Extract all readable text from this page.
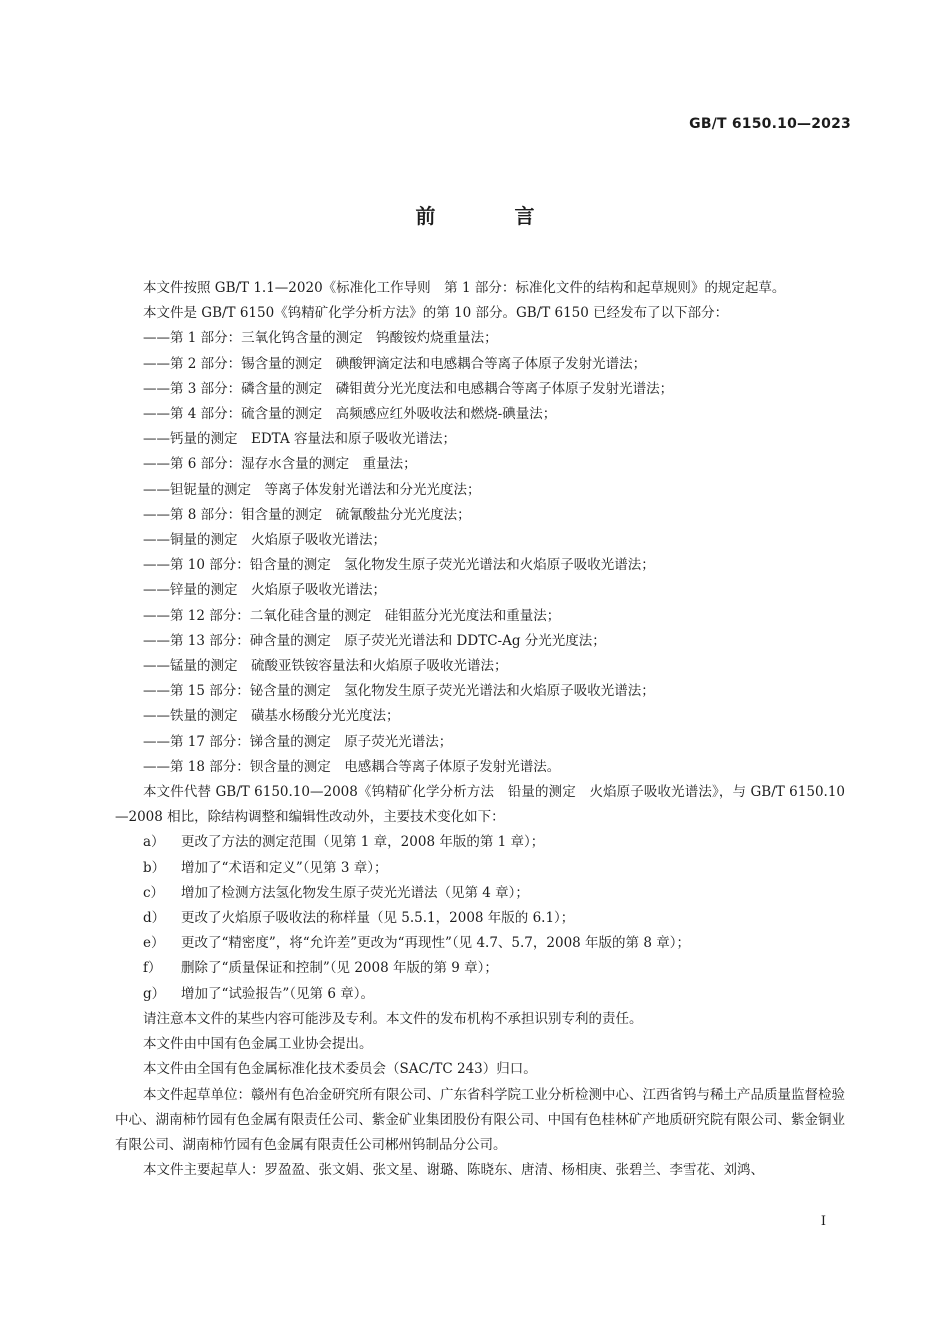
GB/T 6150.10—2023
前 言

本文件按照 GB/T 1.1—2020《标准化工作导则　第 1 部分：标准化文件的结构和起草规则》的规定起草。

本文件是 GB/T 6150《钨精矿化学分析方法》的第 10 部分。GB/T 6150 已经发布了以下部分：

——第 1 部分：三氧化钨含量的测定　钨酸铵灼烧重量法；

——第 2 部分：锡含量的测定　碘酸钾滴定法和电感耦合等离子体原子发射光谱法；

——第 3 部分：磷含量的测定　磷钼黄分光光度法和电感耦合等离子体原子发射光谱法；

——第 4 部分：硫含量的测定　高频感应红外吸收法和燃烧-碘量法；

——钙量的测定　EDTA 容量法和原子吸收光谱法；

——第 6 部分：湿存水含量的测定　重量法；

——钽铌量的测定　等离子体发射光谱法和分光光度法；

——第 8 部分：钼含量的测定　硫氰酸盐分光光度法；

——铜量的测定　火焰原子吸收光谱法；

——第 10 部分：铅含量的测定　氢化物发生原子荧光光谱法和火焰原子吸收光谱法；

——锌量的测定　火焰原子吸收光谱法；

——第 12 部分：二氧化硅含量的测定　硅钼蓝分光光度法和重量法；

——第 13 部分：砷含量的测定　原子荧光光谱法和 DDTC-Ag 分光光度法；

——锰量的测定　硫酸亚铁铵容量法和火焰原子吸收光谱法；

——第 15 部分：铋含量的测定　氢化物发生原子荧光光谱法和火焰原子吸收光谱法；

——铁量的测定　磺基水杨酸分光光度法；

——第 17 部分：锑含量的测定　原子荧光光谱法；

——第 18 部分：钡含量的测定　电感耦合等离子体原子发射光谱法。

本文件代替 GB/T 6150.10—2008《钨精矿化学分析方法　铅量的测定　火焰原子吸收光谱法》，与 GB/T 6150.10—2008 相比，除结构调整和编辑性改动外，主要技术变化如下：

a） 更改了方法的测定范围（见第 1 章，2008 年版的第 1 章）；

b） 增加了“术语和定义”（见第 3 章）；

c） 增加了检测方法氢化物发生原子荧光光谱法（见第 4 章）；

d） 更改了火焰原子吸收法的称样量（见 5.5.1，2008 年版的 6.1）；

e） 更改了“精密度”，将“允许差”更改为“再现性”（见 4.7、5.7，2008 年版的第 8 章）；

f） 删除了“质量保证和控制”（见 2008 年版的第 9 章）；

g） 增加了“试验报告”（见第 6 章）。

请注意本文件的某些内容可能涉及专利。本文件的发布机构不承担识别专利的责任。

本文件由中国有色金属工业协会提出。

本文件由全国有色金属标准化技术委员会（SAC/TC 243）归口。

本文件起草单位：赣州有色冶金研究所有限公司、广东省科学院工业分析检测中心、江西省钨与稀土产品质量监督检验中心、湖南柿竹园有色金属有限责任公司、紫金矿业集团股份有限公司、中国有色桂林矿产地质研究院有限公司、紫金铜业有限公司、湖南柿竹园有色金属有限责任公司郴州钨制品分公司。

本文件主要起草人：罗盈盈、张文娟、张文星、谢璐、陈晓东、唐清、杨相庚、张碧兰、李雪花、刘鸿、

I
